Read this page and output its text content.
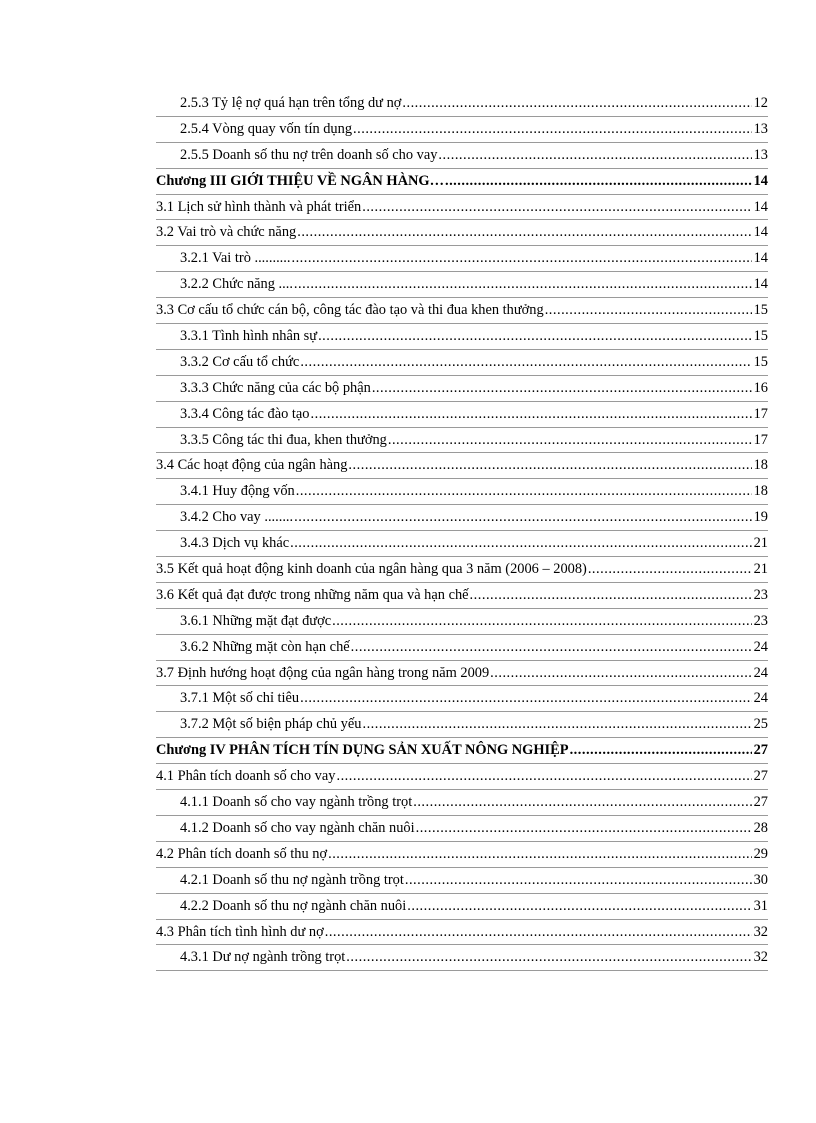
2.5.3 Tỷ lệ nợ quá hạn trên tổng dư nợ .....	12
2.5.4 Vòng quay vốn tín dụng .....	13
2.5.5 Doanh số thu nợ trên doanh số cho vay .....	13
Chương III GIỚI THIỆU VỀ NGÂN HÀNG… .....	14
3.1 Lịch sử hình thành và phát triển .....	14
3.2 Vai trò và chức năng .....	14
3.2.1 Vai trò .......... .....	14
3.2.2 Chức năng .... .....	14
3.3 Cơ cấu tổ chức cán bộ, công tác đào tạo và thi đua khen thưởng .....	15
3.3.1 Tình hình nhân sự .....	15
3.3.2 Cơ cấu tổ chức .....	15
3.3.3 Chức năng của các bộ phận .....	16
3.3.4 Công tác đào tạo .....	17
3.3.5 Công tác thi đua, khen thưởng .....	17
3.4 Các hoạt động của ngân hàng .....	18
3.4.1 Huy động vốn .....	18
3.4.2 Cho vay ........ .....	19
3.4.3 Dịch vụ khác .....	21
3.5 Kết quả hoạt động kinh doanh của ngân hàng qua 3 năm (2006 – 2008) .....	21
3.6 Kết quả đạt được trong những năm qua và hạn chế .....	23
3.6.1 Những mặt đạt được .....	23
3.6.2 Những mặt còn hạn chế .....	24
3.7 Định hướng hoạt động của ngân hàng trong năm 2009 .....	24
3.7.1 Một số chỉ tiêu .....	24
3.7.2 Một số biện pháp chủ yếu .....	25
Chương IV PHÂN TÍCH TÍN DỤNG SẢN XUẤT NÔNG NGHIỆP .....	27
4.1 Phân tích doanh số cho vay .....	27
4.1.1 Doanh số cho vay ngành trồng trọt .....	27
4.1.2 Doanh số cho vay ngành chăn nuôi .....	28
4.2 Phân tích doanh số thu nợ .....	29
4.2.1 Doanh số thu nợ ngành trồng trọt .....	30
4.2.2 Doanh số thu nợ ngành chăn nuôi .....	31
4.3 Phân tích tình hình dư nợ .....	32
4.3.1 Dư nợ ngành trồng trọt .....	32
